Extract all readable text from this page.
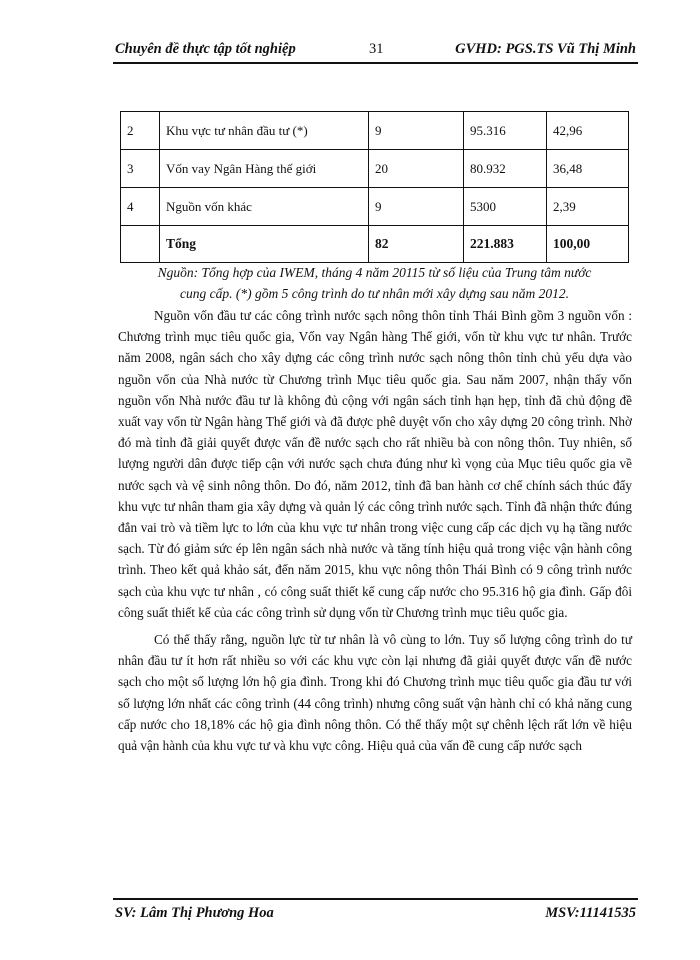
Chuyên đề thực tập tốt nghiệp	31	GVHD: PGS.TS Vũ Thị Minh
2	Khu vực tư nhân đầu tư (*)	9	95.316	42,96
3	Vốn vay Ngân Hàng thế giới	20	80.932	36,48
4	Nguồn vốn khác	9	5300	2,39
	Tổng	82	221.883	100,00
Nguồn: Tổng hợp của IWEM, tháng 4 năm 20115 từ số liệu của Trung tâm nước
cung cấp. (*) gồm 5 công trình do tư nhân mới xây dựng sau năm 2012.

Nguồn vốn đầu tư các công trình nước sạch nông thôn tỉnh Thái Bình gồm 3 nguồn vốn : Chương trình mục tiêu quốc gia, Vốn vay Ngân hàng Thế giới, vốn từ khu vực tư nhân. Trước năm 2008, ngân sách cho xây dựng các công trình nước sạch nông thôn tỉnh chủ yếu dựa vào nguồn vốn của Nhà nước từ Chương trình Mục tiêu quốc gia. Sau năm 2007, nhận thấy vốn nguồn vốn Nhà nước đầu tư là không đủ cộng với ngân sách tỉnh hạn hẹp, tỉnh đã chủ động đề xuất vay vốn từ Ngân hàng Thế giới và đã được phê duyệt vốn cho xây dựng 20 công trình. Nhờ đó mà tỉnh đã giải quyết được vấn đề nước sạch cho rất nhiều bà con nông thôn. Tuy nhiên, số lượng người dân được tiếp cận với nước sạch chưa đúng như kì vọng của Mục tiêu quốc gia về nước sạch và vệ sinh nông thôn. Do đó, năm 2012, tỉnh đã ban hành cơ chế chính sách thúc đẩy khu vực tư nhân tham gia xây dựng và quản lý các công trình nước sạch. Tỉnh đã nhận thức đúng đắn vai trò và tiềm lực to lớn của khu vực tư nhân trong việc cung cấp các dịch vụ hạ tầng nước sạch. Từ đó giảm sức ép lên ngân sách nhà nước và tăng tính hiệu quả trong việc vận hành công trình. Theo kết quả khảo sát, đến năm 2015, khu vực nông thôn Thái Bình có 9 công trình nước sạch của khu vực tư nhân , có công suất thiết kế cung cấp nước cho 95.316 hộ gia đình. Gấp đôi công suất thiết kế của các công trình sử dụng vốn từ Chương trình mục tiêu quốc gia.

Có thể thấy rằng, nguồn lực từ tư nhân là vô cùng to lớn. Tuy số lượng công trình do tư nhân đầu tư ít hơn rất nhiều so với các khu vực còn lại nhưng đã giải quyết được vấn đề nước sạch cho một số lượng lớn hộ gia đình. Trong khi đó Chương trình mục tiêu quốc gia đầu tư với số lượng lớn nhất các công trình (44 công trình) nhưng công suất vận hành chỉ có khả năng cung cấp nước cho 18,18% các hộ gia đình nông thôn. Có thể thấy một sự chênh lệch rất lớn về hiệu quả vận hành của khu vực tư và khu vực công. Hiệu quả của vấn đề cung cấp nước sạch

SV: Lâm Thị Phương Hoa	MSV:11141535
